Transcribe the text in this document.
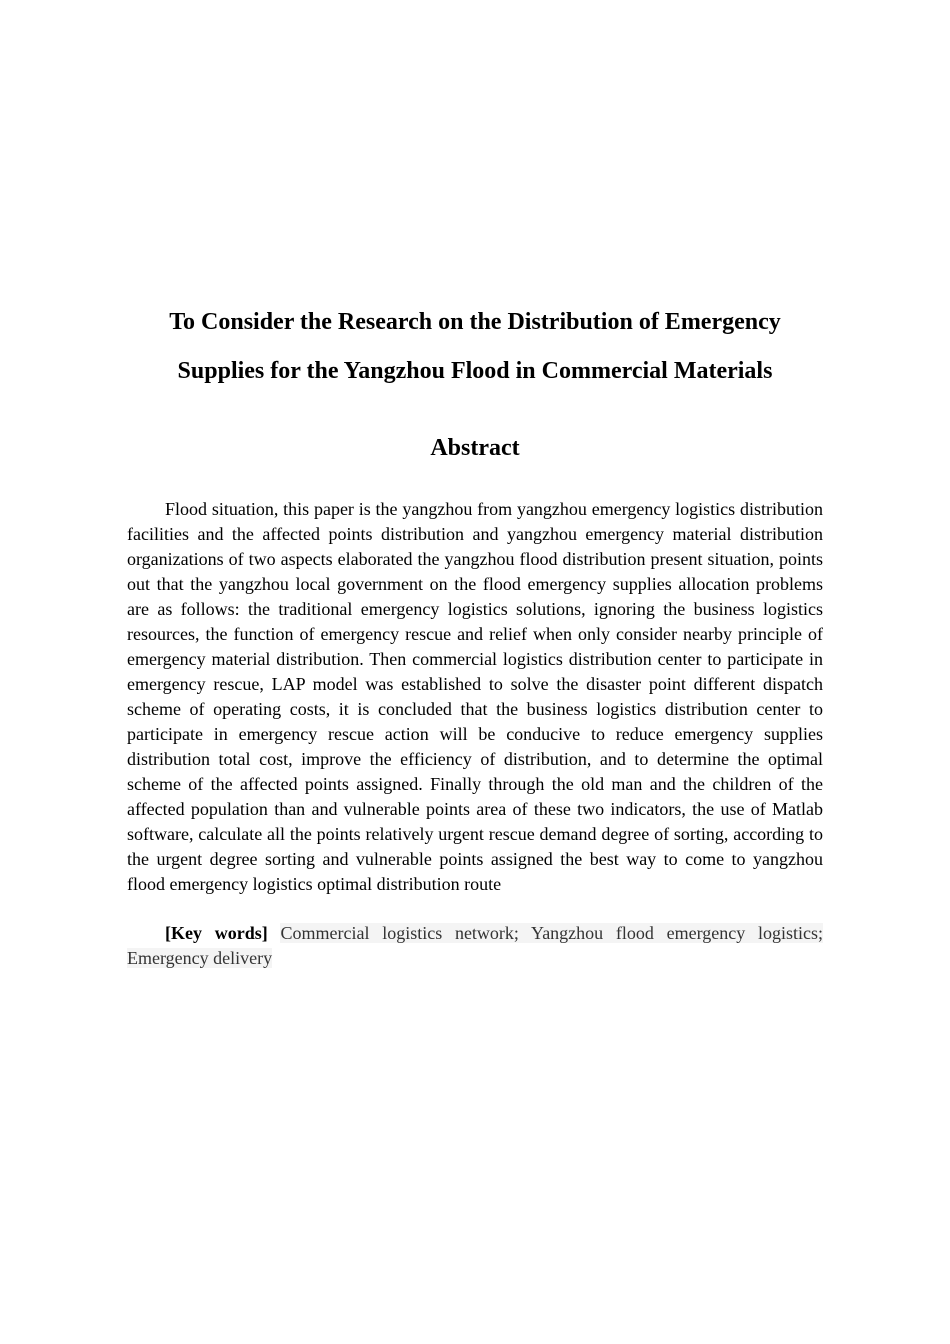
To Consider the Research on the Distribution of Emergency
Supplies for the Yangzhou Flood in Commercial Materials
Abstract

Flood situation, this paper is the yangzhou from yangzhou emergency logistics distribution facilities and the affected points distribution and yangzhou emergency material distribution organizations of two aspects elaborated the yangzhou flood distribution present situation, points out that the yangzhou local government on the flood emergency supplies allocation problems are as follows: the traditional emergency logistics solutions, ignoring the business logistics resources, the function of emergency rescue and relief when only consider nearby principle of emergency material distribution. Then commercial logistics distribution center to participate in emergency rescue, LAP model was established to solve the disaster point different dispatch scheme of operating costs, it is concluded that the business logistics distribution center to participate in emergency rescue action will be conducive to reduce emergency supplies distribution total cost, improve the efficiency of distribution, and to determine the optimal scheme of the affected points assigned. Finally through the old man and the children of the affected population than and vulnerable points area of these two indicators, the use of Matlab software, calculate all the points relatively urgent rescue demand degree of sorting, according to the urgent degree sorting and vulnerable points assigned the best way to come to yangzhou flood emergency logistics optimal distribution route

[Key words] Commercial logistics network; Yangzhou flood emergency logistics; Emergency delivery
